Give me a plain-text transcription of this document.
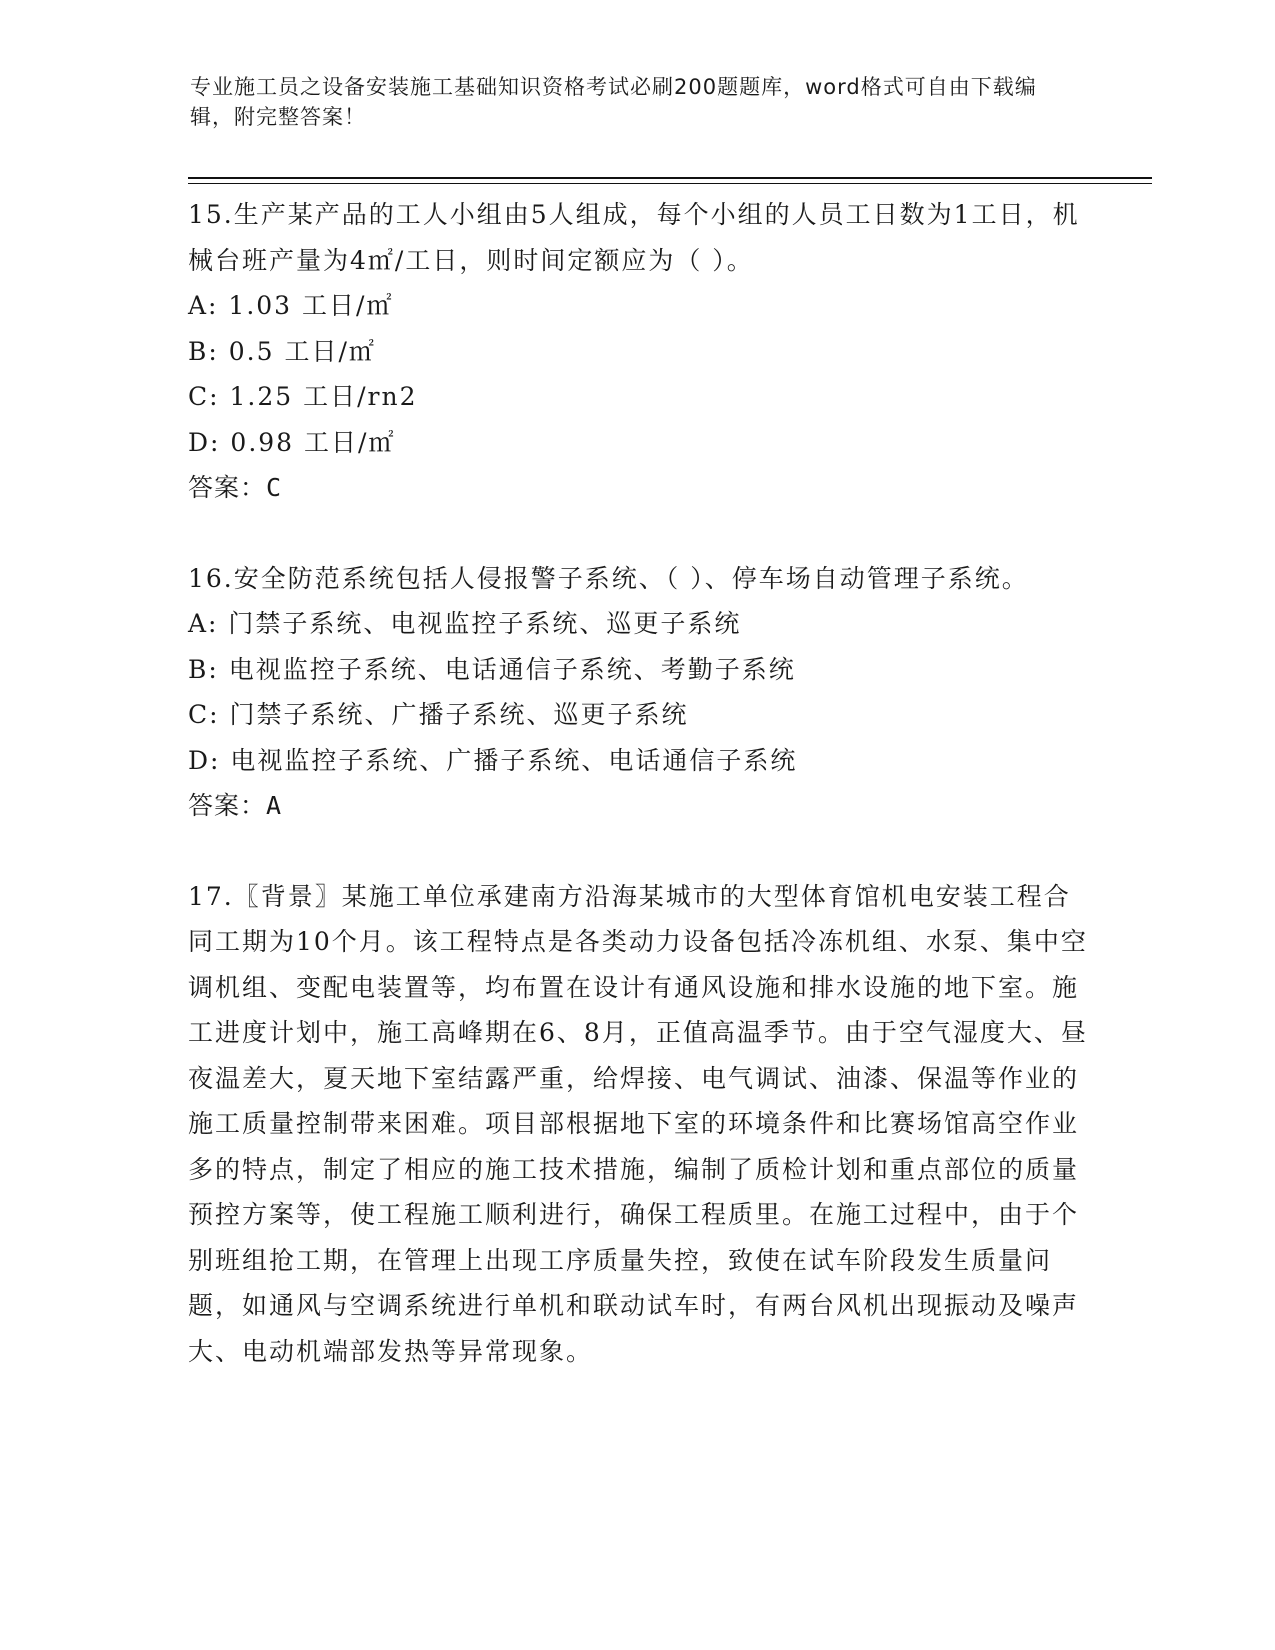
专业施工员之设备安装施工基础知识资格考试必刷200题题库，word格式可自由下载编辑，附完整答案！

15.生产某产品的工人小组由5人组成，每个小组的人员工日数为1工日，机械台班产量为4㎡/工日，则时间定额应为（ ）。

A: 1.03 工日/㎡

B: 0.5 工日/㎡

C: 1.25 工日/rn2

D: 0.98 工日/㎡

答案：C

16.安全防范系统包括人侵报警子系统、（ ）、停车场自动管理子系统。

A: 门禁子系统、电视监控子系统、巡更子系统

B: 电视监控子系统、电话通信子系统、考勤子系统

C: 门禁子系统、广播子系统、巡更子系统

D: 电视监控子系统、广播子系统、电话通信子系统

答案：A

17.〖背景〗某施工单位承建南方沿海某城市的大型体育馆机电安装工程合同工期为10个月。该工程特点是各类动力设备包括冷冻机组、水泵、集中空调机组、变配电装置等，均布置在设计有通风设施和排水设施的地下室。施工进度计划中，施工高峰期在6、8月，正值高温季节。由于空气湿度大、昼夜温差大，夏天地下室结露严重，给焊接、电气调试、油漆、保温等作业的施工质量控制带来困难。项目部根据地下室的环境条件和比赛场馆高空作业多的特点，制定了相应的施工技术措施，编制了质检计划和重点部位的质量预控方案等，使工程施工顺利进行，确保工程质里。在施工过程中，由于个别班组抢工期，在管理上出现工序质量失控，致使在试车阶段发生质量问题，如通风与空调系统进行单机和联动试车时，有两台风机出现振动及噪声大、电动机端部发热等异常现象。
